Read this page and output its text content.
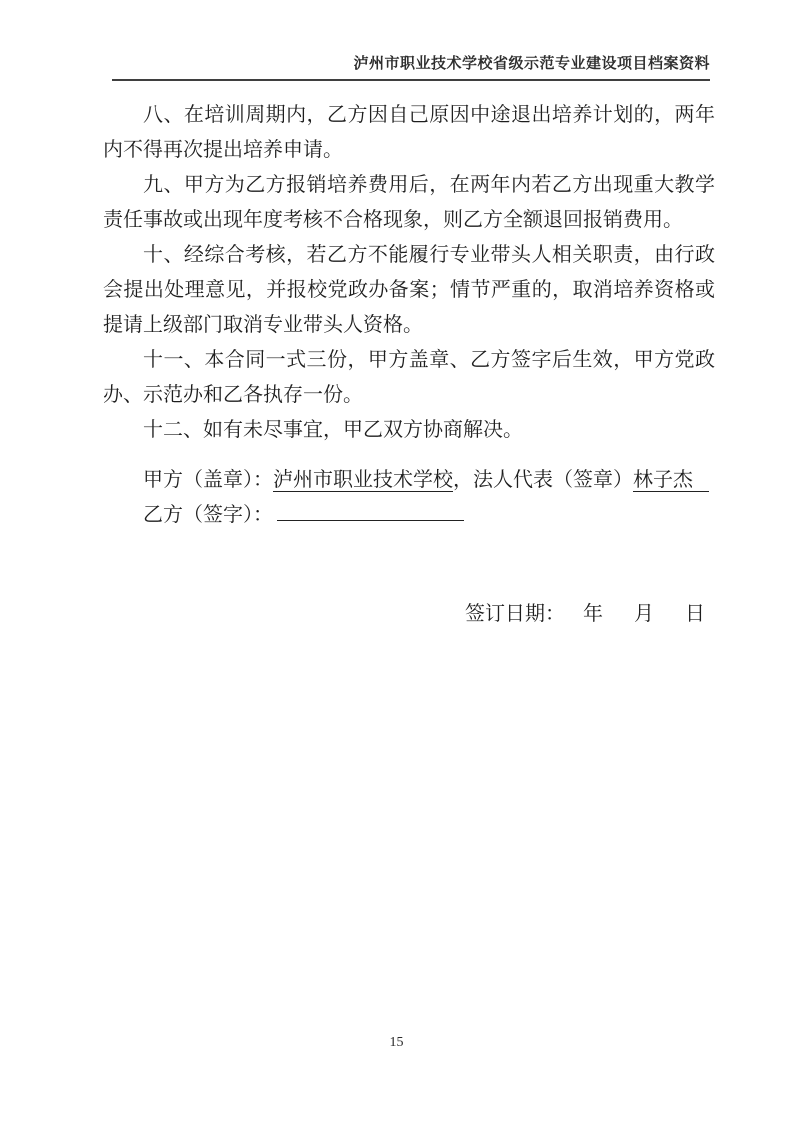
泸州市职业技术学校省级示范专业建设项目档案资料

八、在培训周期内，乙方因自己原因中途退出培养计划的，两年内不得再次提出培养申请。

九、甲方为乙方报销培养费用后，在两年内若乙方出现重大教学责任事故或出现年度考核不合格现象，则乙方全额退回报销费用。

十、经综合考核，若乙方不能履行专业带头人相关职责，由行政会提出处理意见，并报校党政办备案；情节严重的，取消培养资格或提请上级部门取消专业带头人资格。

十一、本合同一式三份，甲方盖章、乙方签字后生效，甲方党政办、示范办和乙各执存一份。

十二、如有未尽事宜，甲乙双方协商解决。

甲方（盖章）：泸州市职业技术学校，法人代表（签章）林子杰

乙方（签字）：

签订日期： 年 月 日
15
